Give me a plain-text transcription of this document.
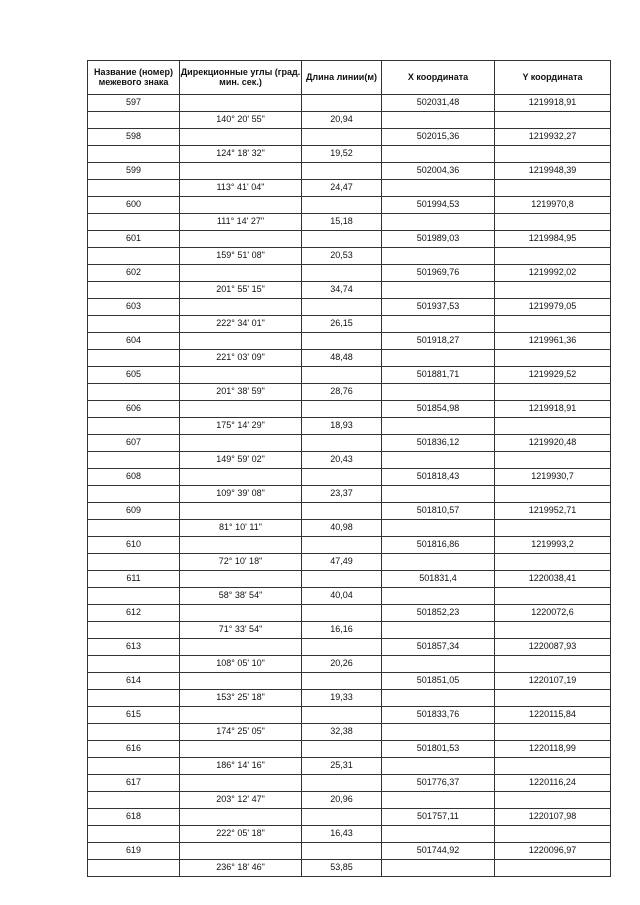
Название (номер) межевого знака	Дирекционные углы (град. мин. сек.)	Длина линии(м)	X координата	Y координата
597			502031,48	1219918,91
	140° 20' 55"	20,94		
598			502015,36	1219932,27
	124° 18' 32"	19,52		
599			502004,36	1219948,39
	113° 41' 04"	24,47		
600			501994,53	1219970,8
	111° 14' 27"	15,18		
601			501989,03	1219984,95
	159° 51' 08"	20,53		
602			501969,76	1219992,02
	201° 55' 15"	34,74		
603			501937,53	1219979,05
	222° 34' 01"	26,15		
604			501918,27	1219961,36
	221° 03' 09"	48,48		
605			501881,71	1219929,52
	201° 38' 59"	28,76		
606			501854,98	1219918,91
	175° 14' 29"	18,93		
607			501836,12	1219920,48
	149° 59' 02"	20,43		
608			501818,43	1219930,7
	109° 39' 08"	23,37		
609			501810,57	1219952,71
	81° 10' 11"	40,98		
610			501816,86	1219993,2
	72° 10' 18"	47,49		
611			501831,4	1220038,41
	58° 38' 54"	40,04		
612			501852,23	1220072,6
	71° 33' 54"	16,16		
613			501857,34	1220087,93
	108° 05' 10"	20,26		
614			501851,05	1220107,19
	153° 25' 18"	19,33		
615			501833,76	1220115,84
	174° 25' 05"	32,38		
616			501801,53	1220118,99
	186° 14' 16"	25,31		
617			501776,37	1220116,24
	203° 12' 47"	20,96		
618			501757,11	1220107,98
	222° 05' 18"	16,43		
619			501744,92	1220096,97
	236° 18' 46"	53,85		
